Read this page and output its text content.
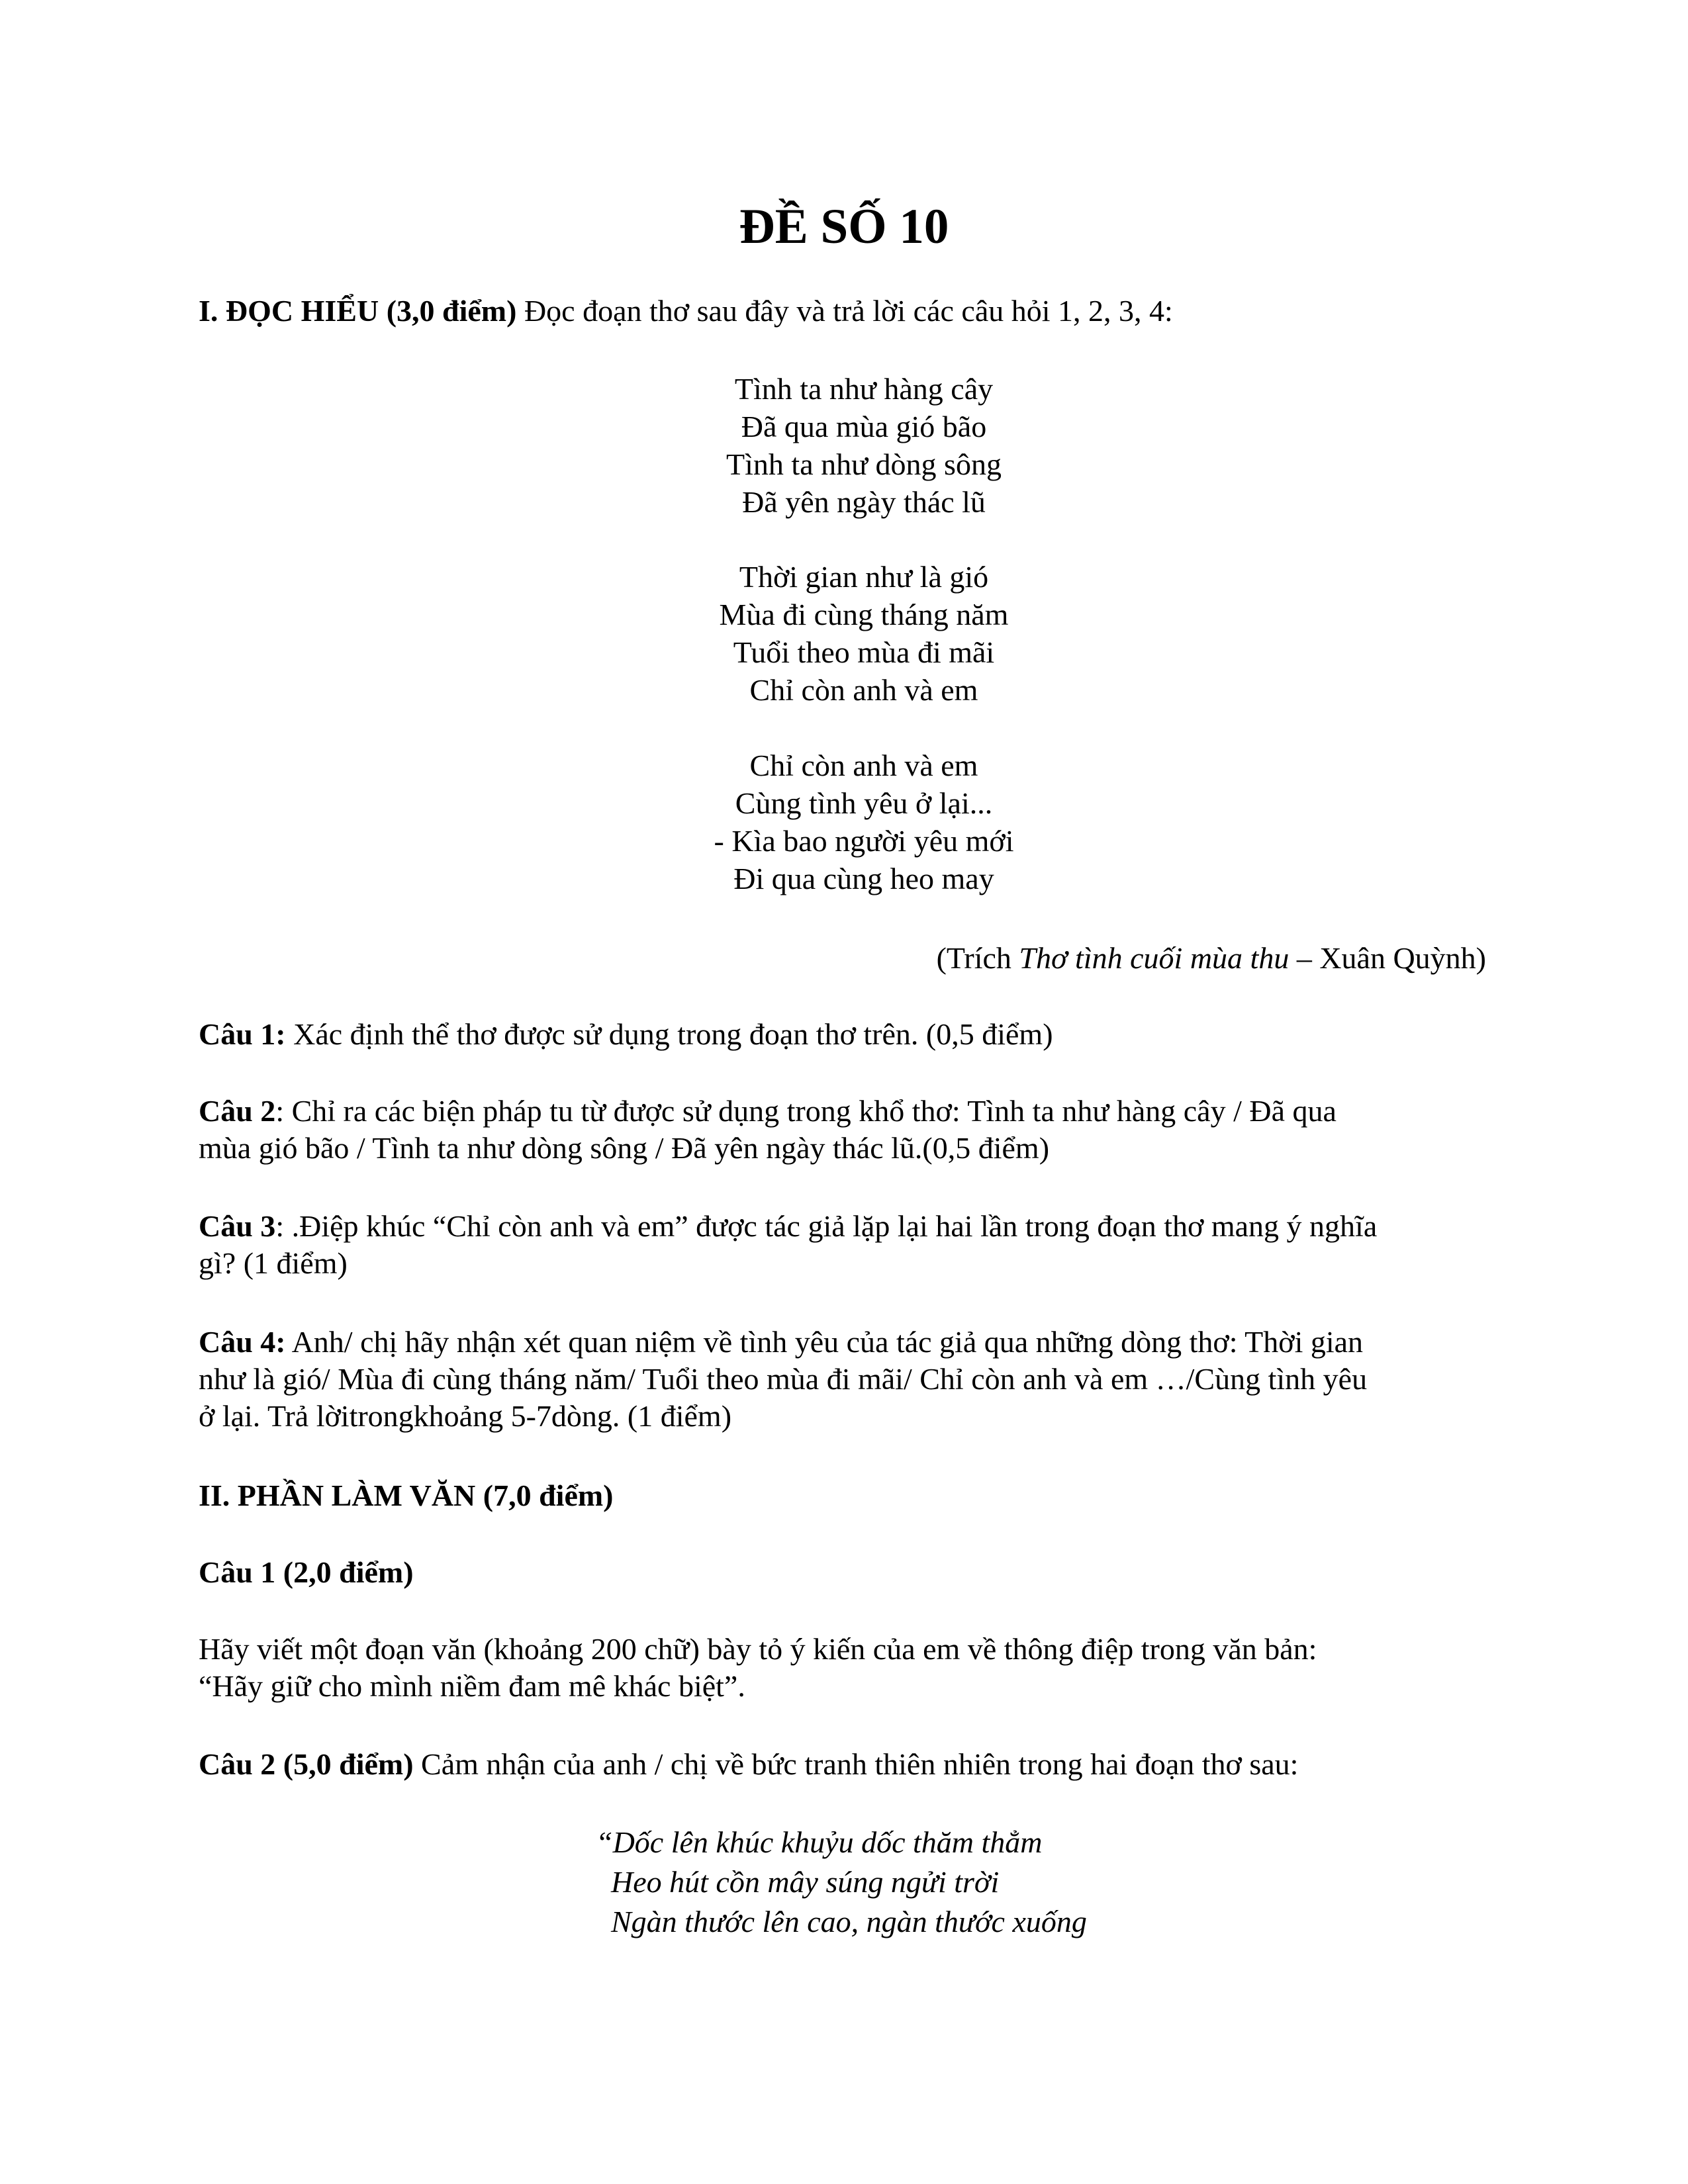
ĐỀ SỐ 10
I. ĐỌC HIỂU (3,0 điểm) Đọc đoạn thơ sau đây và trả lời các câu hỏi 1, 2, 3, 4:
Tình ta như hàng cây
Đã qua mùa gió bão
Tình ta như dòng sông
Đã yên ngày thác lũ
Thời gian như là gió
Mùa đi cùng tháng năm
Tuổi theo mùa đi mãi
Chỉ còn anh và em
Chỉ còn anh và em
Cùng tình yêu ở lại...
- Kìa bao người yêu mới
Đi qua cùng heo may
(Trích Thơ tình cuối mùa thu – Xuân Quỳnh)
Câu 1: Xác định thể thơ được sử dụng trong đoạn thơ trên. (0,5 điểm)
Câu 2: Chỉ ra các biện pháp tu từ được sử dụng trong khổ thơ: Tình ta như hàng cây / Đã qua
mùa gió bão / Tình ta như dòng sông / Đã yên ngày thác lũ.(0,5 điểm)
Câu 3: .Điệp khúc “Chỉ còn anh và em” được tác giả lặp lại hai lần trong đoạn thơ mang ý nghĩa
gì? (1 điểm)
Câu 4: Anh/ chị hãy nhận xét quan niệm về tình yêu của tác giả qua những dòng thơ: Thời gian
như là gió/ Mùa đi cùng tháng năm/ Tuổi theo mùa đi mãi/ Chỉ còn anh và em …/Cùng tình yêu
ở lại. Trả lờitrongkhoảng 5-7dòng. (1 điểm)
II. PHẦN LÀM VĂN (7,0 điểm)
Câu 1 (2,0 điểm)
Hãy viết một đoạn văn (khoảng 200 chữ) bày tỏ ý kiến của em về thông điệp trong văn bản:
“Hãy giữ cho mình niềm đam mê khác biệt”.
Câu 2 (5,0 điểm) Cảm nhận của anh / chị về bức tranh thiên nhiên trong hai đoạn thơ sau:
“Dốc lên khúc khuỷu dốc thăm thẳm
Heo hút cồn mây súng ngửi trời
Ngàn thước lên cao, ngàn thước xuống
